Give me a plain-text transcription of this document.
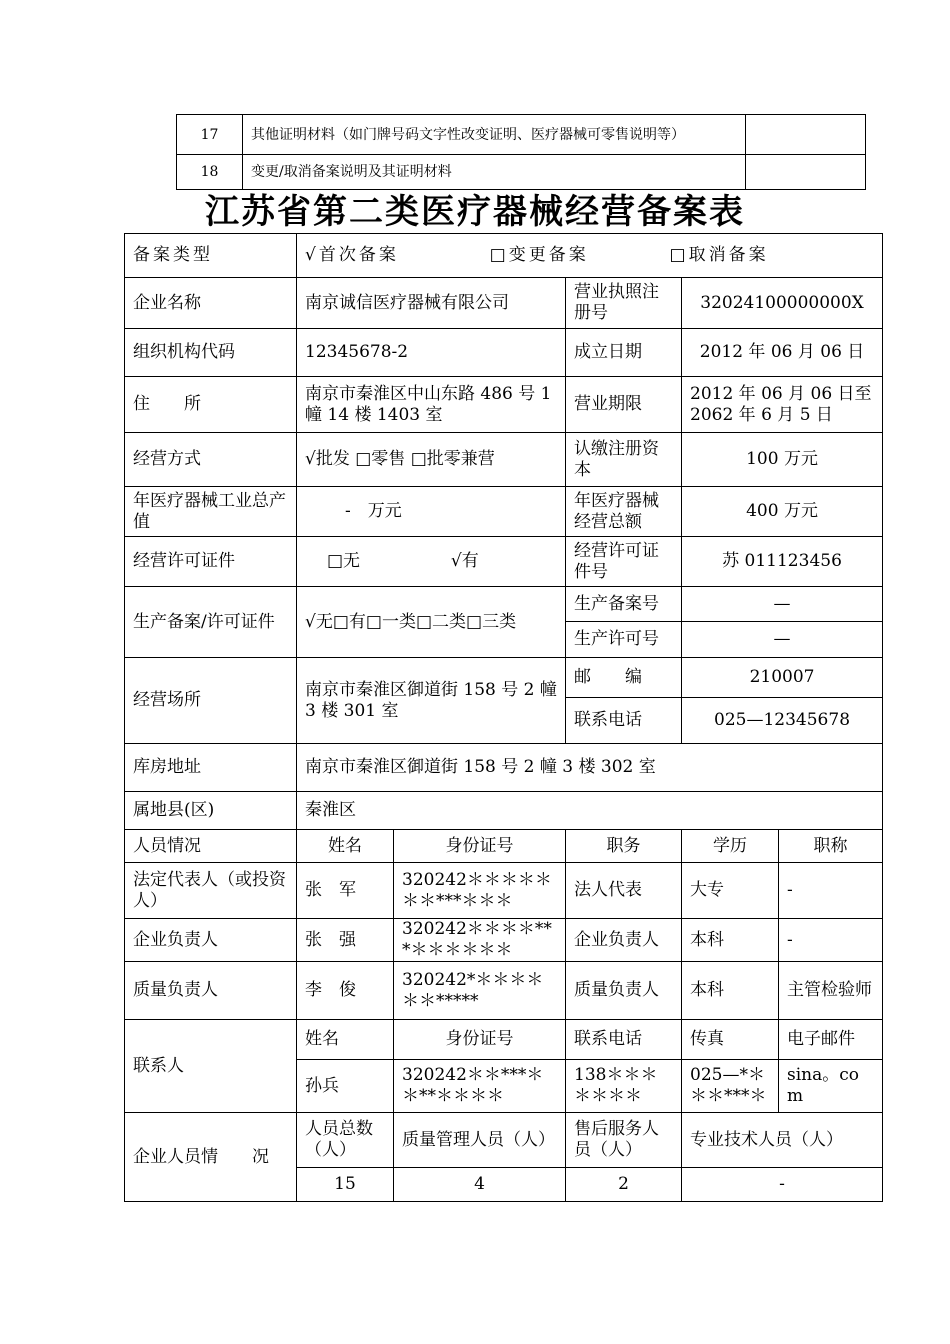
17	其他证明材料（如门牌号码文字性改变证明、医疗器械可零售说明等）	
18	变更/取消备案说明及其证明材料	
江苏省第二类医疗器械经营备案表
备案类型	√首次备案 □变更备案 □取消备案				
企业名称	南京诚信医疗器械有限公司		营业执照注册号	32024100000000X	
组织机构代码	12345678-2		成立日期	2012 年 06 月 06 日	
住　　所	南京市秦淮区中山东路 486 号 1 幢 14 楼 1403 室		营业期限	2012 年 06 月 06 日至 2062 年 6 月 5 日	
经营方式	√批发 □零售 □批零兼营		认缴注册资本	100 万元	
年医疗器械工业总产值	-　万元		年医疗器械经营总额	400 万元	
经营许可证件	□无 √有		经营许可证件号	苏 011123456	
生产备案/许可证件	√无□有□一类□二类□三类		生产备案号	—	
			生产许可号	—	
经营场所	南京市秦淮区御道街 158 号 2 幢 3 楼 301 室		邮　　编	210007	
			联系电话	025—12345678	
库房地址	南京市秦淮区御道街 158 号 2 幢 3 楼 302 室				
属地县(区)	秦淮区				
人员情况	姓名	身份证号	职务	学历	职称
法定代表人（或投资人）	张　军	320242＊＊＊＊＊＊＊***＊＊＊	法人代表	大专	-
企业负责人	张　强	320242＊＊＊＊***＊＊＊＊＊＊	企业负责人	本科	-
质量负责人	李　俊	320242*＊＊＊＊＊＊*****	质量负责人	本科	主管检验师
联系人	姓名	身份证号	联系电话	传真	电子邮件
	孙兵	320242＊＊***＊＊**＊＊＊＊	138＊＊＊＊＊＊＊	025—*＊＊＊***＊	sina。com
企业人员情　　况	人员总数（人）	质量管理人员（人）	售后服务人员（人）	专业技术人员（人）	
	15	4	2	-	
